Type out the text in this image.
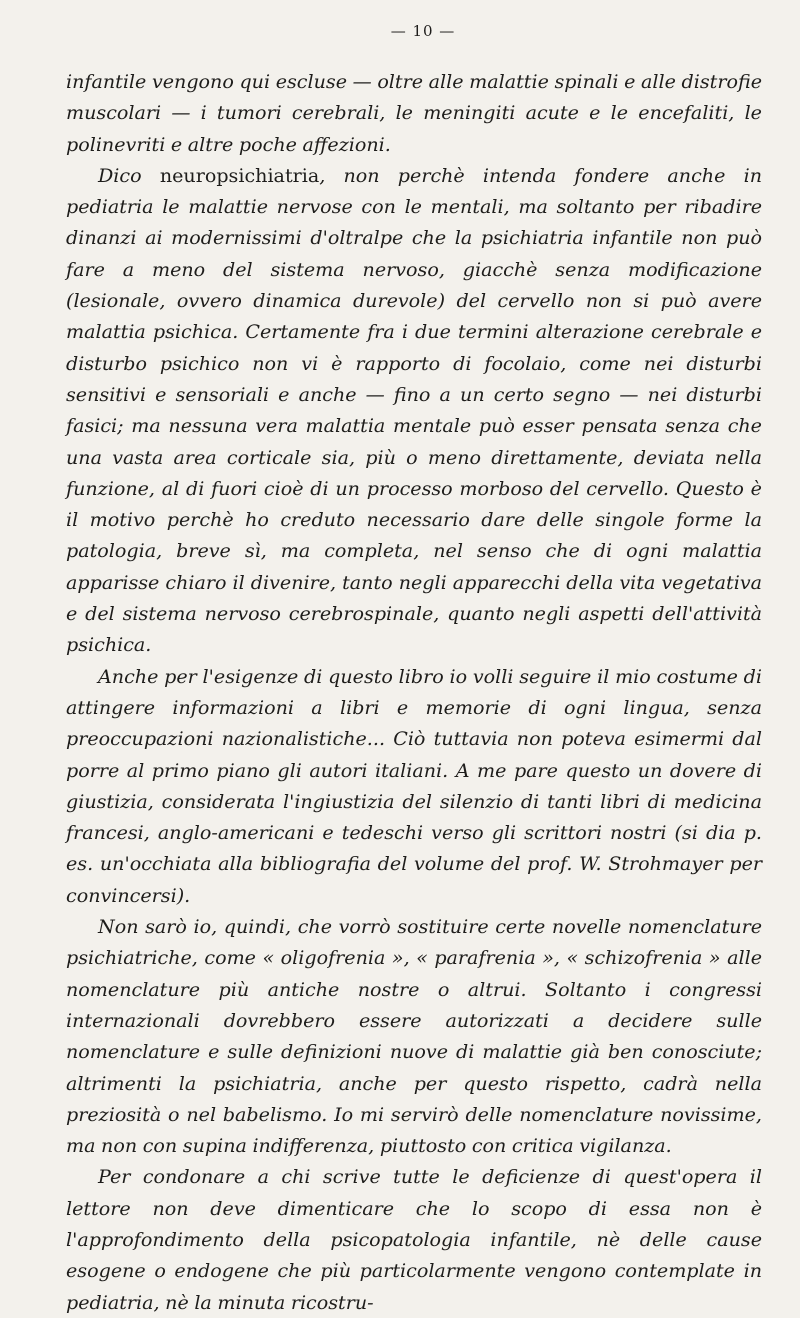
— 10 —

infantile vengono qui escluse — oltre alle malattie spinali e alle distrofie muscolari — i tumori cerebrali, le meningiti acute e le encefaliti, le polinevriti e altre poche affezioni.

Dico neuropsichiatria, non perchè intenda fondere anche in pediatria le malattie nervose con le mentali, ma soltanto per ribadire dinanzi ai modernissimi d'oltralpe che la psichiatria infantile non può fare a meno del sistema nervoso, giacchè senza modificazione (lesionale, ovvero dinamica durevole) del cervello non si può avere malattia psichica. Certamente fra i due termini alterazione cerebrale e disturbo psichico non vi è rapporto di focolaio, come nei disturbi sensitivi e sensoriali e anche — fino a un certo segno — nei disturbi fasici; ma nessuna vera malattia mentale può esser pensata senza che una vasta area corticale sia, più o meno direttamente, deviata nella funzione, al di fuori cioè di un processo morboso del cervello. Questo è il motivo perchè ho creduto necessario dare delle singole forme la patologia, breve sì, ma completa, nel senso che di ogni malattia apparisse chiaro il divenire, tanto negli apparecchi della vita vegetativa e del sistema nervoso cerebrospinale, quanto negli aspetti dell'attività psichica.

Anche per l'esigenze di questo libro io volli seguire il mio costume di attingere informazioni a libri e memorie di ogni lingua, senza preoccupazioni nazionalistiche... Ciò tuttavia non poteva esimermi dal porre al primo piano gli autori italiani. A me pare questo un dovere di giustizia, considerata l'ingiustizia del silenzio di tanti libri di medicina francesi, anglo-americani e tedeschi verso gli scrittori nostri (si dia p. es. un'occhiata alla bibliografia del volume del prof. W. Strohmayer per convincersi).

Non sarò io, quindi, che vorrò sostituire certe novelle nomenclature psichiatriche, come « oligofrenia », « parafrenia », « schizofrenia » alle nomenclature più antiche nostre o altrui. Soltanto i congressi internazionali dovrebbero essere autorizzati a decidere sulle nomenclature e sulle definizioni nuove di malattie già ben conosciute; altrimenti la psichiatria, anche per questo rispetto, cadrà nella preziosità o nel babelismo. Io mi servirò delle nomenclature novissime, ma non con supina indifferenza, piuttosto con critica vigilanza.

Per condonare a chi scrive tutte le deficienze di quest'opera il lettore non deve dimenticare che lo scopo di essa non è l'approfondimento della psicopatologia infantile, nè delle cause esogene o endogene che più particolarmente vengono contemplate in pediatria, nè la minuta ricostru-
